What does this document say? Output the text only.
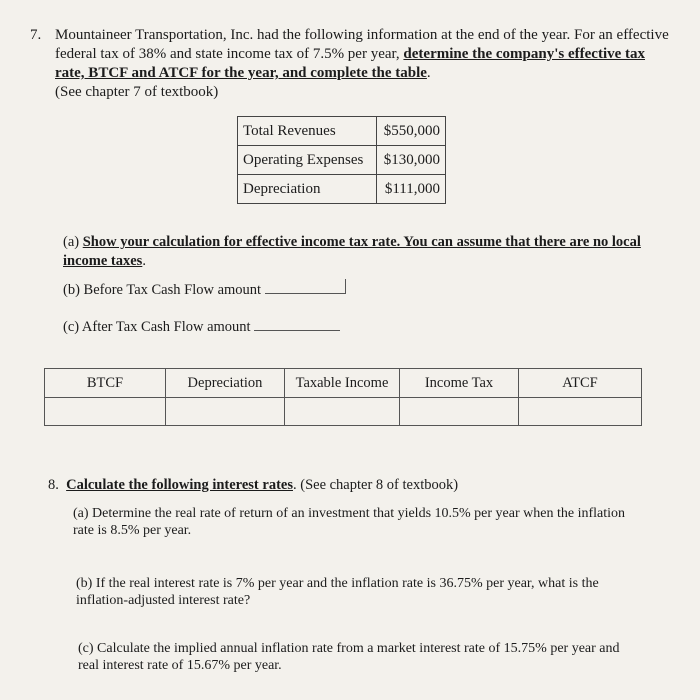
7. Mountaineer Transportation, Inc. had the following information at the end of the year. For an effective federal tax of 38% and state income tax of 7.5% per year, determine the company's effective tax rate, BTCF and ATCF for the year, and complete the table.
(See chapter 7 of textbook)
Total Revenues	$550,000
Operating Expenses	$130,000
Depreciation	$111,000
(a) Show your calculation for effective income tax rate. You can assume that there are no local income taxes.
(b) Before Tax Cash Flow amount
(c) After Tax Cash Flow amount
BTCF	Depreciation	Taxable Income	Income Tax	ATCF

8. Calculate the following interest rates. (See chapter 8 of textbook)
(a) Determine the real rate of return of an investment that yields 10.5% per year when the inflation rate is 8.5% per year.
(b) If the real interest rate is 7% per year and the inflation rate is 36.75% per year, what is the inflation-adjusted interest rate?
(c) Calculate the implied annual inflation rate from a market interest rate of 15.75% per year and real interest rate of 15.67% per year.
